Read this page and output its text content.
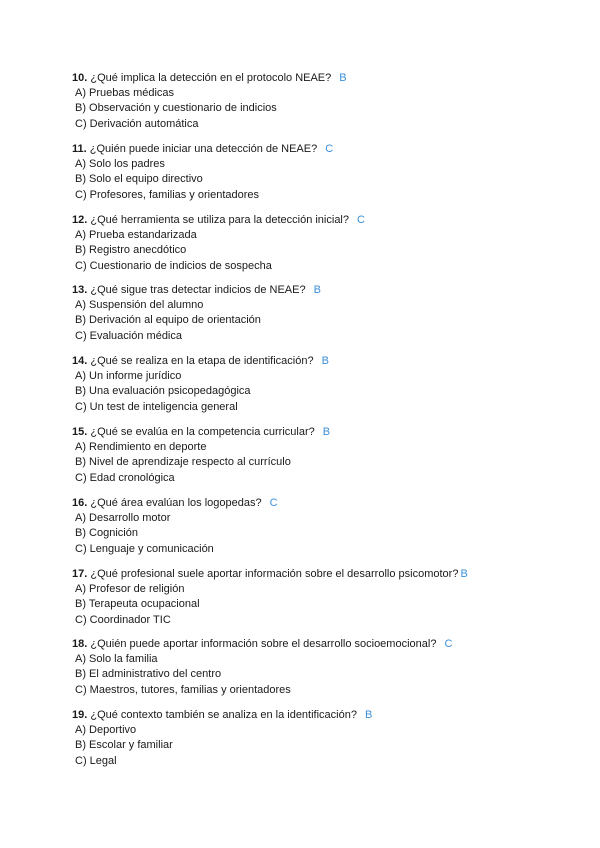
10. ¿Qué implica la detección en el protocolo NEAE? B
A) Pruebas médicas
B) Observación y cuestionario de indicios
C) Derivación automática
11. ¿Quién puede iniciar una detección de NEAE? C
A) Solo los padres
B) Solo el equipo directivo
C) Profesores, familias y orientadores
12. ¿Qué herramienta se utiliza para la detección inicial? C
A) Prueba estandarizada
B) Registro anecdótico
C) Cuestionario de indicios de sospecha
13. ¿Qué sigue tras detectar indicios de NEAE? B
A) Suspensión del alumno
B) Derivación al equipo de orientación
C) Evaluación médica
14. ¿Qué se realiza en la etapa de identificación? B
A) Un informe jurídico
B) Una evaluación psicopedagógica
C) Un test de inteligencia general
15. ¿Qué se evalúa en la competencia curricular? B
A) Rendimiento en deporte
B) Nivel de aprendizaje respecto al currículo
C) Edad cronológica
16. ¿Qué área evalúan los logopedas? C
A) Desarrollo motor
B) Cognición
C) Lenguaje y comunicación
17. ¿Qué profesional suele aportar información sobre el desarrollo psicomotor? B
A) Profesor de religión
B) Terapeuta ocupacional
C) Coordinador TIC
18. ¿Quién puede aportar información sobre el desarrollo socioemocional? C
A) Solo la familia
B) El administrativo del centro
C) Maestros, tutores, familias y orientadores
19. ¿Qué contexto también se analiza en la identificación? B
A) Deportivo
B) Escolar y familiar
C) Legal
